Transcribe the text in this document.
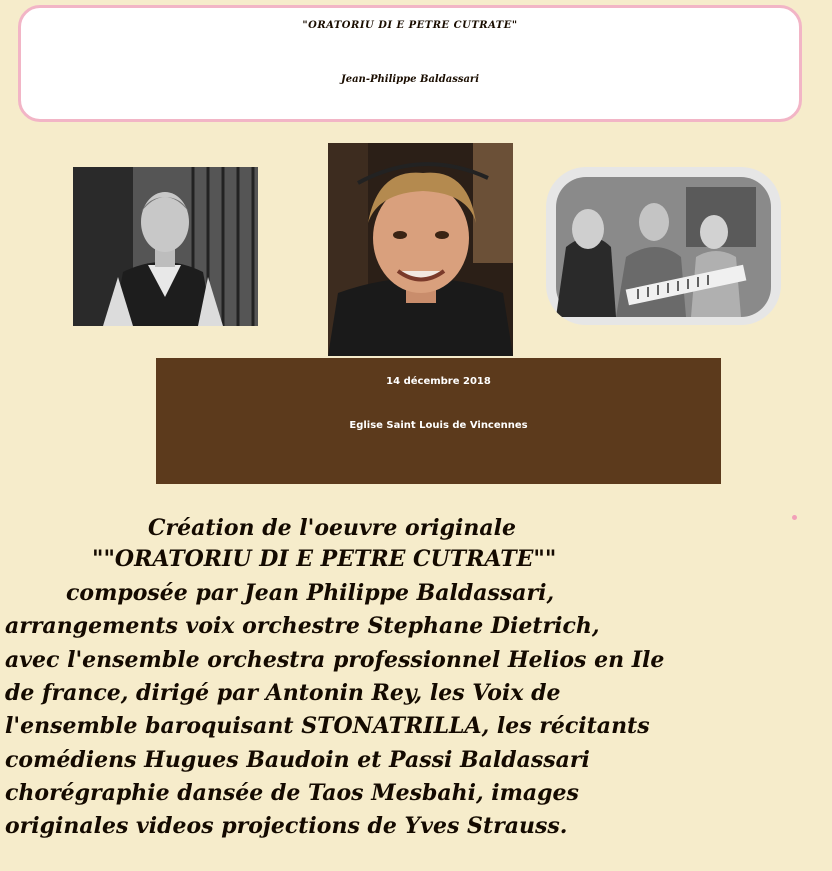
"ORATORIU DI E PETRE CUTRATE"
Jean-Philippe Baldassari
14 décembre 2018
Eglise Saint Louis de Vincennes
Création de l'oeuvre originale
""ORATORIU DI E PETRE CUTRATE""
composée par Jean Philippe Baldassari,
arrangements voix orchestre Stephane Dietrich,
avec l'ensemble orchestra professionnel Helios en Ile
de france, dirigé par Antonin Rey, les Voix de
l'ensemble baroquisant STONATRILLA, les récitants
comédiens Hugues Baudoin et Passi Baldassari
chorégraphie dansée de Taos Mesbahi, images
originales videos projections de Yves Strauss.
